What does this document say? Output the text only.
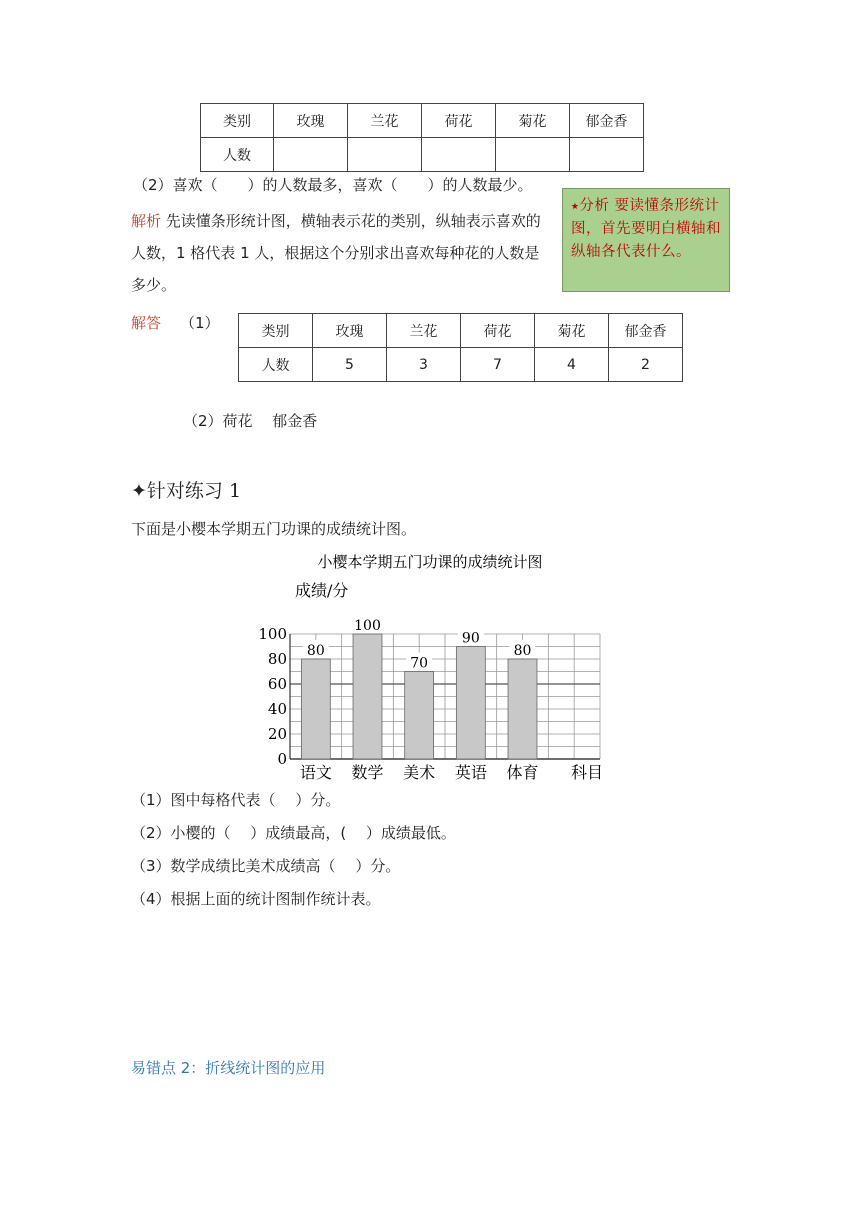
类别	玫瑰	兰花	荷花	菊花	郁金香
人数					
（2）喜欢（　　）的人数最多，喜欢（　　）的人数最少。
解析 先读懂条形统计图，横轴表示花的类别，纵轴表示喜欢的人数，1 格代表 1 人，根据这个分别求出喜欢每种花的人数是多少。
⭑分析 要读懂条形统计图，首先要明白横轴和纵轴各代表什么。
解答 （1）	类别	玫瑰	兰花	荷花	菊花	郁金香
人数	5	3	7	4	2
（2）荷花　 郁金香
✦针对练习 1
下面是小樱本学期五门功课的成绩统计图。
小樱本学期五门功课的成绩统计图
成绩/分
80
100
70
90
80
0
20
40
60
80
100
语文 数学 美术 英语 体育 科目
（1）图中每格代表（　 ）分。
（2）小樱的（　 ）成绩最高，(　 ）成绩最低。
（3）数学成绩比美术成绩高（　 ）分。
（4）根据上面的统计图制作统计表。
易错点 2：折线统计图的应用
